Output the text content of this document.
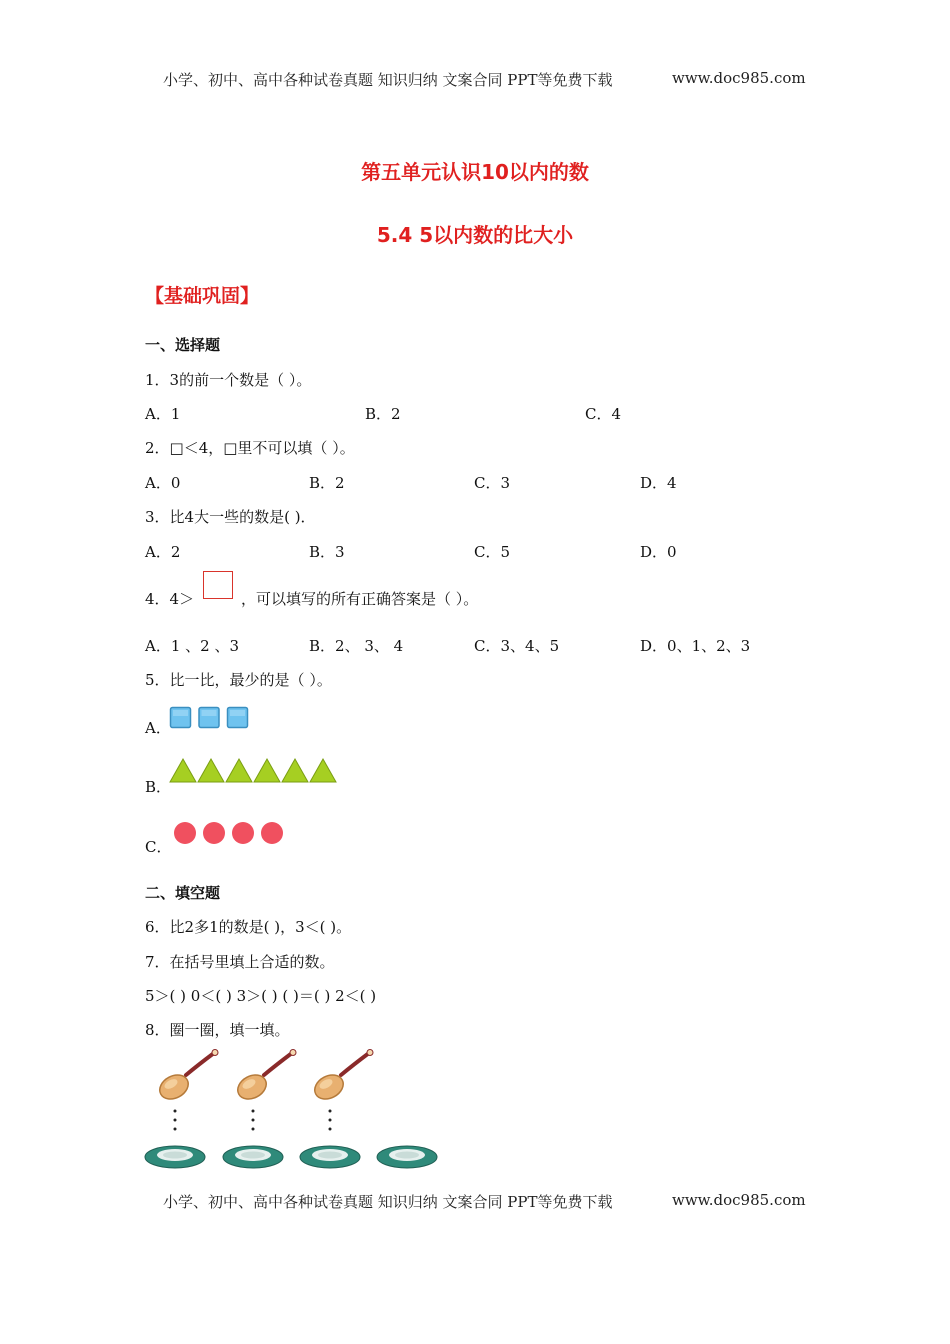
小学、初中、高中各种试卷真题 知识归纳 文案合同 PPT等免费下载	www.doc985.com
第五单元认识10以内的数
5.4 5以内数的比大小
【基础巩固】
一、选择题
1．3的前一个数是（ ）。
A．1	B．2	C．4
2．□＜4，□里不可以填（ ）。
A．0	B．2	C．3	D．4
3．比4大一些的数是( )．
A．2	B．3	C．5	D．0
4．4＞	，可以填写的所有正确答案是（ ）。
A．1 、2 、3	B．2、 3、 4	C．3、4、5	D．0、1、2、3
5．比一比，最少的是（ ）。
A．
B．
C．
二、填空题
6．比2多1的数是( )，3＜( )。
7．在括号里填上合适的数。
5＞( ) 0＜( ) 3＞( ) ( )＝( ) 2＜( )
8．圈一圈，填一填。
小学、初中、高中各种试卷真题 知识归纳 文案合同 PPT等免费下载	www.doc985.com
